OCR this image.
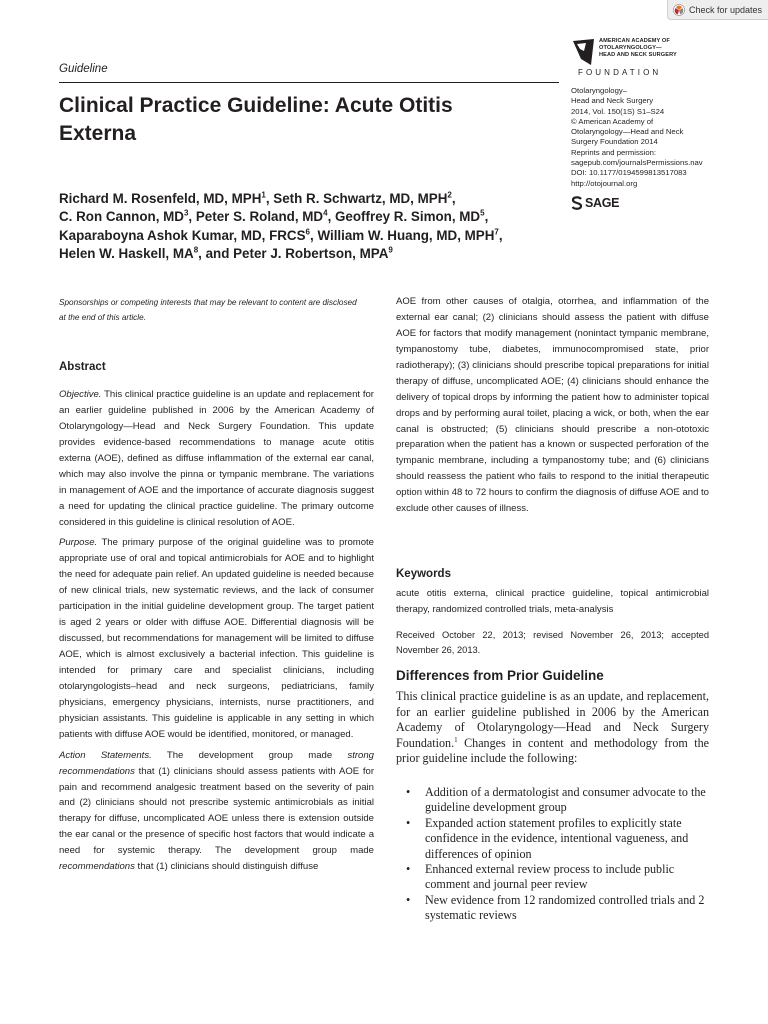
Check for updates
Guideline
Clinical Practice Guideline: Acute Otitis
Externa
AMERICAN ACADEMY OF
OTOLARYNGOLOGY—
HEAD AND NECK SURGERY
FOUNDATION
Otolaryngology–
Head and Neck Surgery
2014, Vol. 150(1S) S1–S24
© American Academy of
Otolaryngology—Head and Neck
Surgery Foundation 2014
Reprints and permission:
sagepub.com/journalsPermissions.nav
DOI: 10.1177/0194599813517083
http://otojournal.org
SAGE
Richard M. Rosenfeld, MD, MPH$^1$, Seth R. Schwartz, MD, MPH$^2$,
C. Ron Cannon, $MD^3$, Peter S. Roland, $MD^4$, Geoffrey R. Simon, $MD^5$,
Kaparaboyna Ashok Kumar, MD, FRCS$^6$, William W. Huang, MD, MPH$^7$,
Helen W. Haskell, $MA^8$, and Peter J. Robertson, MPA$^9$
Sponsorships or competing interests that may be relevant to content are disclosed at the end of this article.
Abstract

Objective. This clinical practice guideline is an update and replacement for an earlier guideline published in 2006 by the American Academy of Otolaryngology—Head and Neck Surgery Foundation. This update provides evidence-based recommendations to manage acute otitis externa (AOE), defined as diffuse inflammation of the external ear canal, which may also involve the pinna or tympanic membrane. The variations in management of AOE and the importance of accurate diagnosis suggest a need for updating the clinical practice guideline. The primary outcome considered in this guideline is clinical resolution of AOE.

Purpose. The primary purpose of the original guideline was to promote appropriate use of oral and topical antimicrobials for AOE and to highlight the need for adequate pain relief. An updated guideline is needed because of new clinical trials, new systematic reviews, and the lack of consumer participation in the initial guideline development group. The target patient is aged 2 years or older with diffuse AOE. Differential diagnosis will be discussed, but recommendations for management will be limited to diffuse AOE, which is almost exclusively a bacterial infection. This guideline is intended for primary care and specialist clinicians, including otolaryngologists–head and neck surgeons, pediatricians, family physicians, emergency physicians, internists, nurse practitioners, and physician assistants. This guideline is applicable in any setting in which patients with diffuse AOE would be identified, monitored, or managed.

Action Statements. The development group made strong recommendations that (1) clinicians should assess patients with AOE for pain and recommend analgesic treatment based on the severity of pain and (2) clinicians should not prescribe systemic antimicrobials as initial therapy for diffuse, uncomplicated AOE unless there is extension outside the ear canal or the presence of specific host factors that would indicate a need for systemic therapy. The development group made recommendations that (1) clinicians should distinguish diffuse

AOE from other causes of otalgia, otorrhea, and inflammation of the external ear canal; (2) clinicians should assess the patient with diffuse AOE for factors that modify management (nonintact tympanic membrane, tympanostomy tube, diabetes, immunocompromised state, prior radiotherapy); (3) clinicians should prescribe topical preparations for initial therapy of diffuse, uncomplicated AOE; (4) clinicians should enhance the delivery of topical drops by informing the patient how to administer topical drops and by performing aural toilet, placing a wick, or both, when the ear canal is obstructed; (5) clinicians should prescribe a non-ototoxic preparation when the patient has a known or suspected perforation of the tympanic membrane, including a tympanostomy tube; and (6) clinicians should reassess the patient who fails to respond to the initial therapeutic option within 48 to 72 hours to confirm the diagnosis of diffuse AOE and to exclude other causes of illness.

Keywords

acute otitis externa, clinical practice guideline, topical antimicrobial therapy, randomized controlled trials, meta-analysis

Received October 22, 2013; revised November 26, 2013; accepted November 26, 2013.
Differences from Prior Guideline
This clinical practice guideline is as an update, and replacement, for an earlier guideline published in 2006 by the American Academy of Otolaryngology—Head and Neck Surgery Foundation.$^1$ Changes in content and methodology from the prior guideline include the following:
• Addition of a dermatologist and consumer advocate to the guideline development group
• Expanded action statement profiles to explicitly state confidence in the evidence, intentional vagueness, and differences of opinion
• Enhanced external review process to include public comment and journal peer review
• New evidence from 12 randomized controlled trials and 2 systematic reviews
